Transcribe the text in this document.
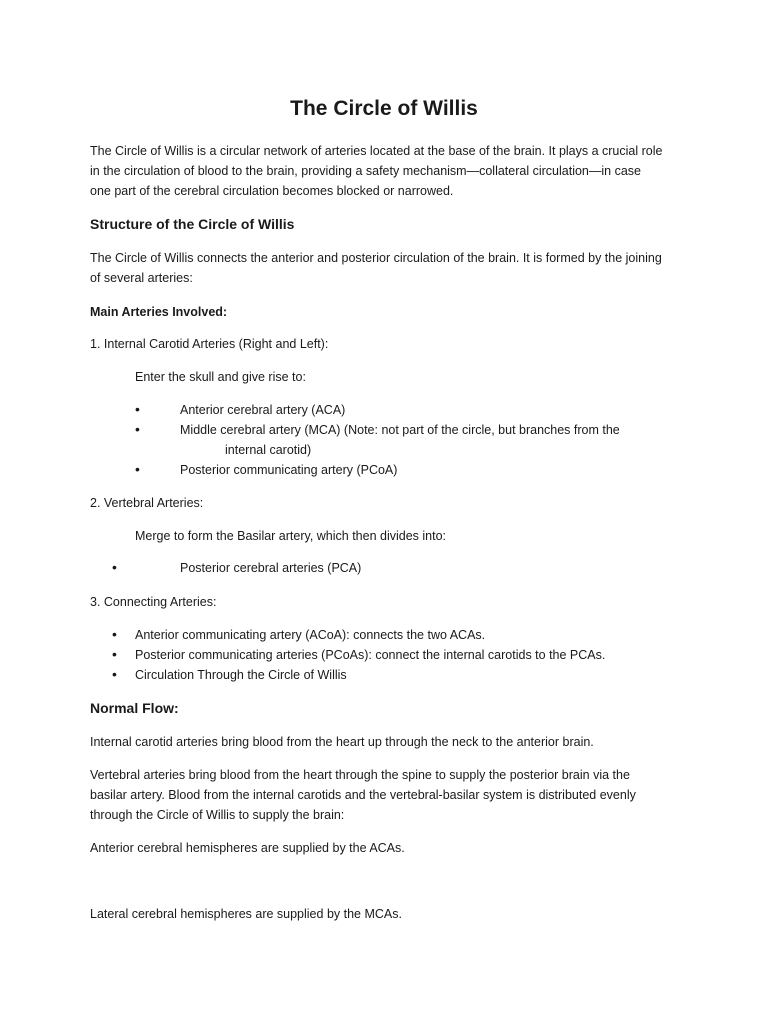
The Circle of Willis

The Circle of Willis is a circular network of arteries located at the base of the brain. It plays a crucial role

in the circulation of blood to the brain, providing a safety mechanism—collateral circulation—in case

one part of the cerebral circulation becomes blocked or narrowed.

Structure of the Circle of Willis

The Circle of Willis connects the anterior and posterior circulation of the brain. It is formed by the joining

of several arteries:

Main Arteries Involved:

1. Internal Carotid Arteries (Right and Left):

Enter the skull and give rise to:

•	Anterior cerebral artery (ACA)

•	Middle cerebral artery (MCA) (Note: not part of the circle, but branches from the

internal carotid)

•	Posterior communicating artery (PCoA)

2. Vertebral Arteries:

Merge to form the Basilar artery, which then divides into:

•	Posterior cerebral arteries (PCA)

3. Connecting Arteries:

• Anterior communicating artery (ACoA): connects the two ACAs.

• Posterior communicating arteries (PCoAs): connect the internal carotids to the PCAs.

• Circulation Through the Circle of Willis

Normal Flow:

Internal carotid arteries bring blood from the heart up through the neck to the anterior brain.

Vertebral arteries bring blood from the heart through the spine to supply the posterior brain via the

basilar artery. Blood from the internal carotids and the vertebral-basilar system is distributed evenly

through the Circle of Willis to supply the brain:

Anterior cerebral hemispheres are supplied by the ACAs.

Lateral cerebral hemispheres are supplied by the MCAs.
